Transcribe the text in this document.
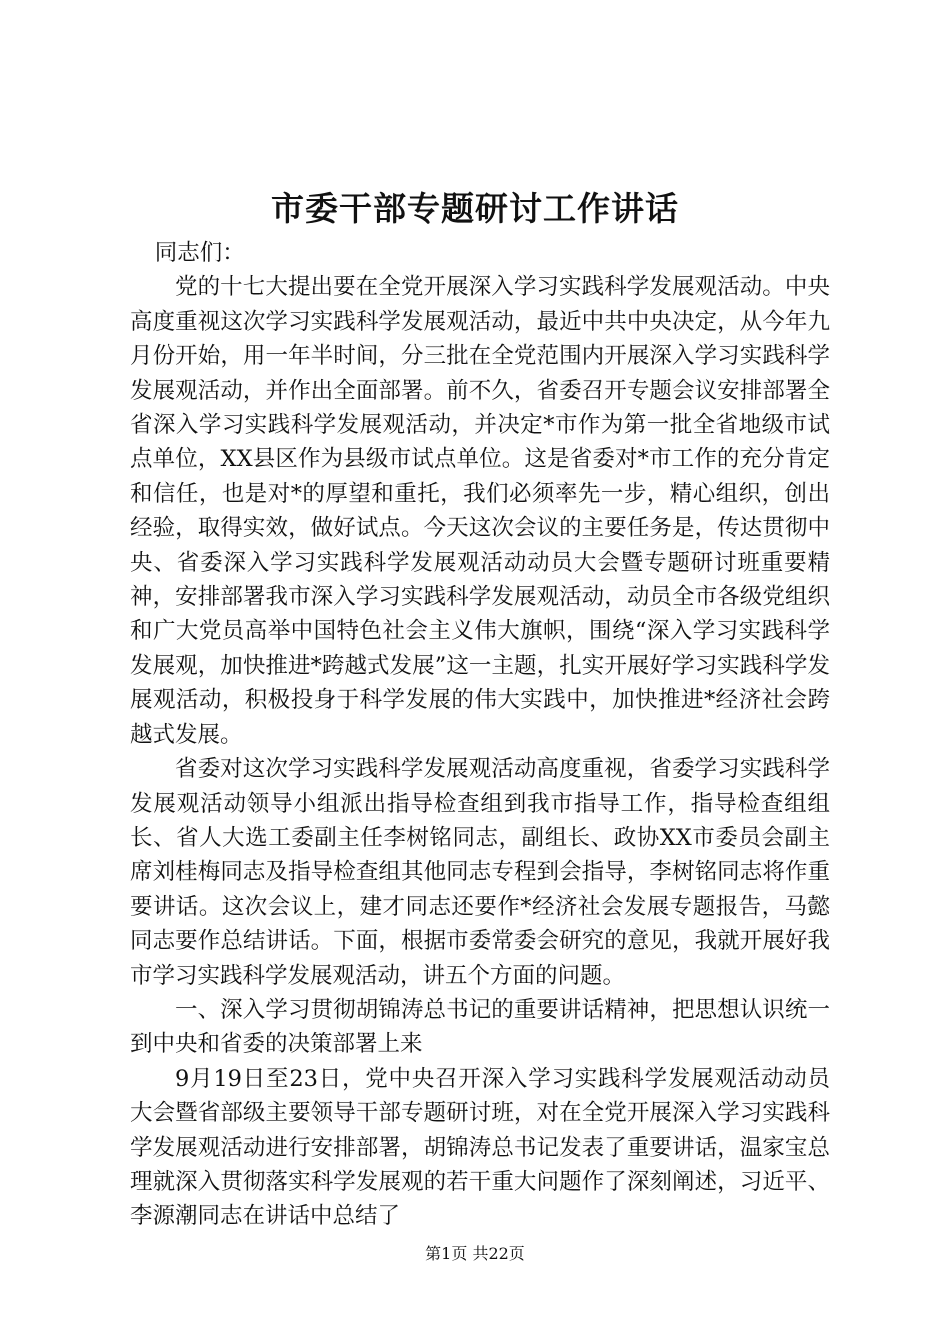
市委干部专题研讨工作讲话

同志们：

党的十七大提出要在全党开展深入学习实践科学发展观活动。中央高度重视这次学习实践科学发展观活动，最近中共中央决定，从今年九月份开始，用一年半时间，分三批在全党范围内开展深入学习实践科学发展观活动，并作出全面部署。前不久，省委召开专题会议安排部署全省深入学习实践科学发展观活动，并决定*市作为第一批全省地级市试点单位，XX县区作为县级市试点单位。这是省委对*市工作的充分肯定和信任，也是对*的厚望和重托，我们必须率先一步，精心组织，创出经验，取得实效，做好试点。今天这次会议的主要任务是，传达贯彻中央、省委深入学习实践科学发展观活动动员大会暨专题研讨班重要精神，安排部署我市深入学习实践科学发展观活动，动员全市各级党组织和广大党员高举中国特色社会主义伟大旗帜，围绕“深入学习实践科学发展观，加快推进*跨越式发展”这一主题，扎实开展好学习实践科学发展观活动，积极投身于科学发展的伟大实践中，加快推进*经济社会跨越式发展。

省委对这次学习实践科学发展观活动高度重视，省委学习实践科学发展观活动领导小组派出指导检查组到我市指导工作，指导检查组组长、省人大选工委副主任李树铭同志，副组长、政协XX市委员会副主席刘桂梅同志及指导检查组其他同志专程到会指导，李树铭同志将作重要讲话。这次会议上，建才同志还要作*经济社会发展专题报告，马懿同志要作总结讲话。下面，根据市委常委会研究的意见，我就开展好我市学习实践科学发展观活动，讲五个方面的问题。

一、深入学习贯彻胡锦涛总书记的重要讲话精神，把思想认识统一到中央和省委的决策部署上来

9月19日至23日，党中央召开深入学习实践科学发展观活动动员大会暨省部级主要领导干部专题研讨班，对在全党开展深入学习实践科学发展观活动进行安排部署，胡锦涛总书记发表了重要讲话，温家宝总理就深入贯彻落实科学发展观的若干重大问题作了深刻阐述，习近平、李源潮同志在讲话中总结了

第1页 共22页
